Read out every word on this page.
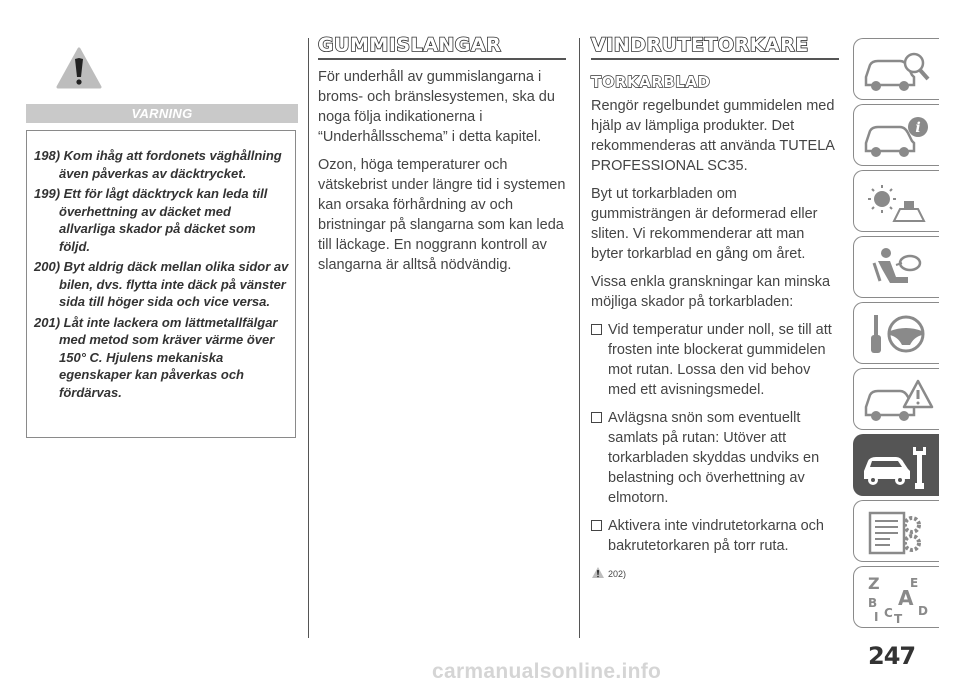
VARNING
198) Kom ihåg att fordonets väghållning även påverkas av däcktrycket.
199) Ett för lågt däcktryck kan leda till överhettning av däcket med allvarliga skador på däcket som följd.
200) Byt aldrig däck mellan olika sidor av bilen, dvs. flytta inte däck på vänster sida till höger sida och vice versa.
201) Låt inte lackera om lättmetallfälgar med metod som kräver värme över 150° C. Hjulens mekaniska egenskaper kan påverkas och fördärvas.
GUMMISLANGAR

För underhåll av gummislangarna i broms- och bränslesystemen, ska du noga följa indikationerna i “Underhållsschema” i detta kapitel.

Ozon, höga temperaturer och vätskebrist under längre tid i systemen kan orsaka förhårdning av och bristningar på slangarna som kan leda till läckage. En noggrann kontroll av slangarna är alltså nödvändig.

VINDRUTETORKARE
TORKARBLAD

Rengör regelbundet gummidelen med hjälp av lämpliga produkter. Det rekommenderas att använda TUTELA PROFESSIONAL SC35.

Byt ut torkarbladen om gummisträngen är deformerad eller sliten. Vi rekommenderar att man byter torkarblad en gång om året.

Vissa enkla granskningar kan minska möjliga skador på torkarbladen:

Vid temperatur under noll, se till att frosten inte blockerat gummidelen mot rutan. Lossa den vid behov med ett avisningsmedel.

Avlägsna snön som eventuellt samlats på rutan: Utöver att torkarbladen skyddas undviks en belastning och överhettning av elmotorn.

Aktivera inte vindrutetorkarna och bakrutetorkaren på torr ruta.

202)
i
Z	E
A
B
C D
I T
247
carmanualsonline.info
